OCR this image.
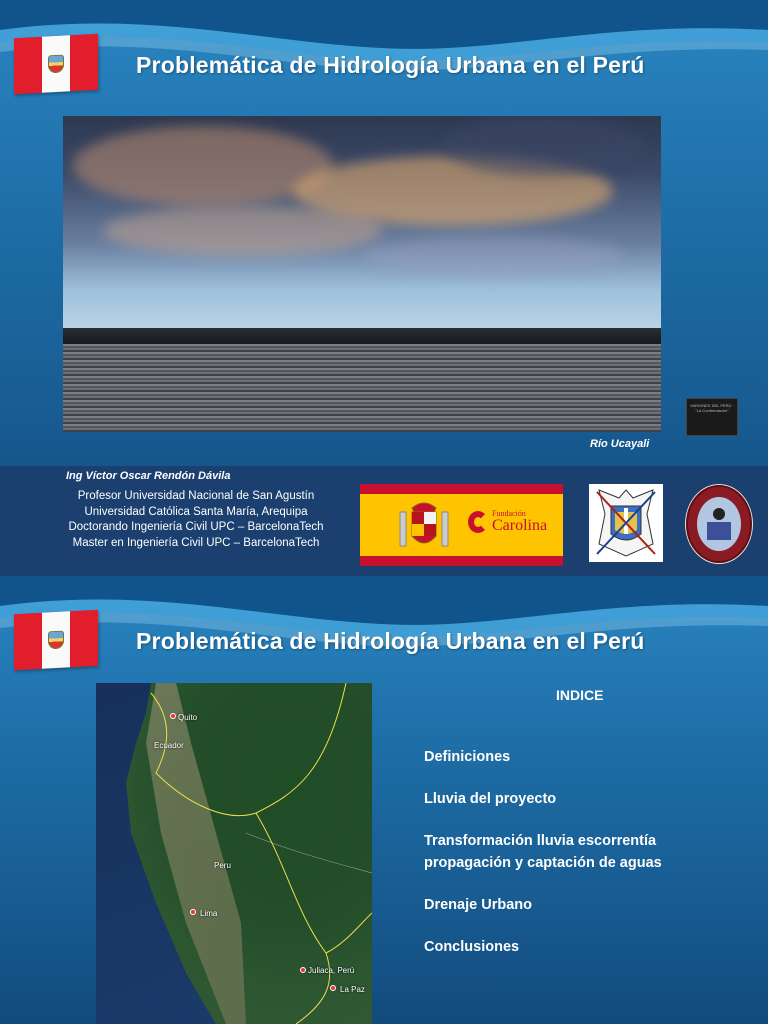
Problemática de Hidrología Urbana en el Perú
VARIONES DEL PERÚ · "La Conformación"
Río Ucayali
Ing Víctor Oscar Rendón Dávila
Profesor Universidad Nacional de San Agustín
Universidad Católica Santa María, Arequipa
Doctorando Ingeniería Civil UPC – BarcelonaTech
Master en Ingeniería Civil UPC – BarcelonaTech
Fundación
Carolina
Problemática de Hidrología Urbana en el Perú
Quito
Ecuador
Peru
Lima
Juliaca, Perú
La Paz
INDICE
Definiciones
Lluvia del proyecto
Transformación lluvia escorrentía
propagación y captación de aguas
Drenaje Urbano
Conclusiones
